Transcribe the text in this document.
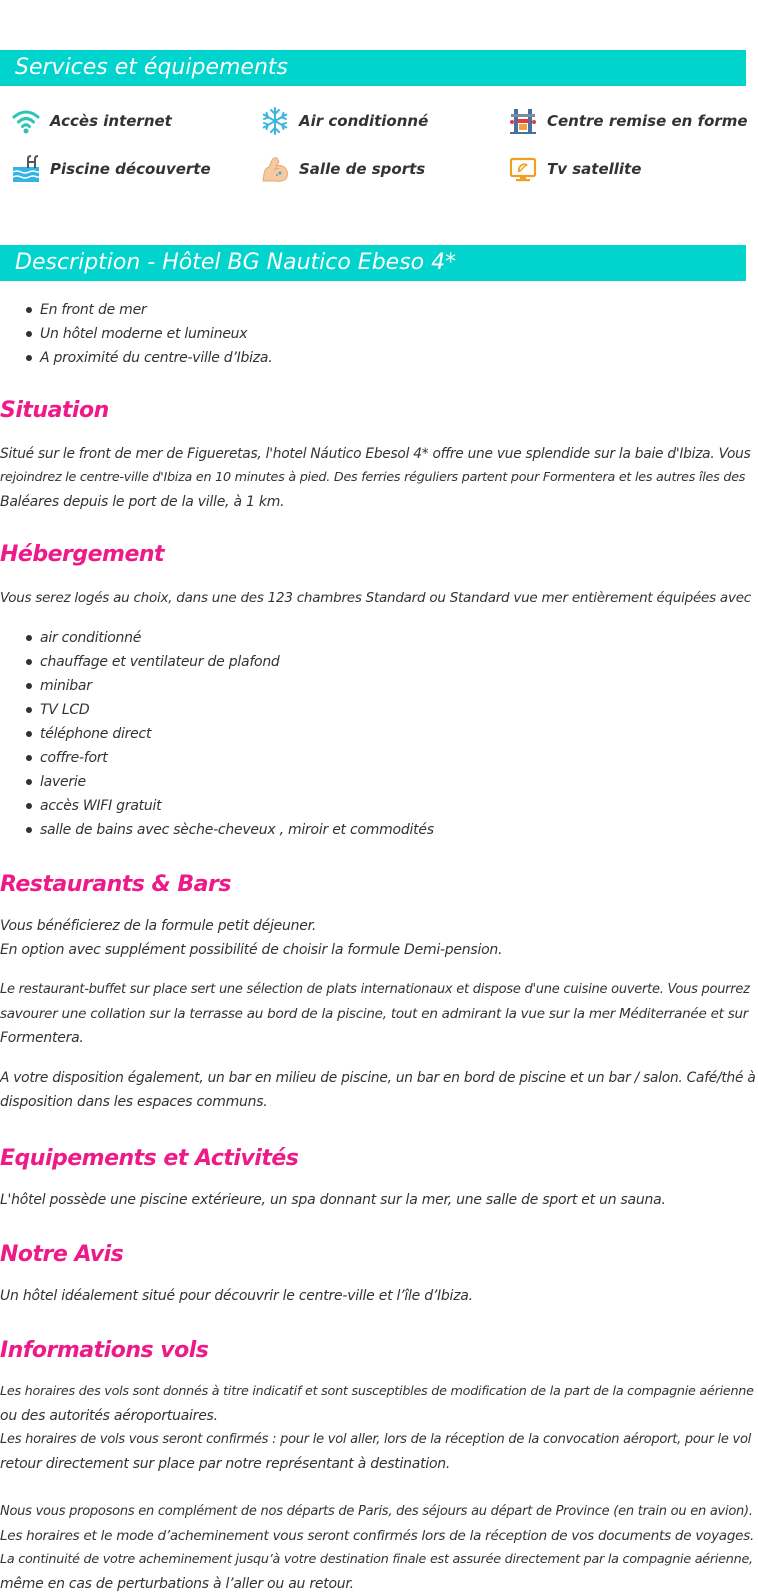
Services et équipements
Accès internet	Air conditionné	Centre remise en forme
Piscine découverte	Salle de sports	Tv satellite
Description - Hôtel BG Nautico Ebeso 4*
En front de mer
Un hôtel moderne et lumineux
A proximité du centre-ville d’Ibiza.
Situation
Situé sur le front de mer de Figueretas, l'hotel Náutico Ebesol 4* offre une vue splendide sur la baie d'Ibiza. Vous
rejoindrez le centre-ville d'Ibiza en 10 minutes à pied. Des ferries réguliers partent pour Formentera et les autres îles des
Baléares depuis le port de la ville, à 1 km.
Hébergement
Vous serez logés au choix, dans une des 123 chambres Standard ou Standard vue mer entièrement équipées avec
air conditionné
chauffage et ventilateur de plafond
minibar
TV LCD
téléphone direct
coffre-fort
laverie
accès WIFI gratuit
salle de bains avec sèche-cheveux , miroir et commodités
Restaurants & Bars
Vous bénéficierez de la formule petit déjeuner.
En option avec supplément possibilité de choisir la formule Demi-pension.
Le restaurant-buffet sur place sert une sélection de plats internationaux et dispose d'une cuisine ouverte. Vous pourrez
savourer une collation sur la terrasse au bord de la piscine, tout en admirant la vue sur la mer Méditerranée et sur
Formentera.
A votre disposition également, un bar en milieu de piscine, un bar en bord de piscine et un bar / salon. Café/thé à
disposition dans les espaces communs.
Equipements et Activités
L'hôtel possède une piscine extérieure, un spa donnant sur la mer, une salle de sport et un sauna.
Notre Avis
Un hôtel idéalement situé pour découvrir le centre-ville et l’île d’Ibiza.
Informations vols
Les horaires des vols sont donnés à titre indicatif et sont susceptibles de modification de la part de la compagnie aérienne
ou des autorités aéroportuaires.
Les horaires de vols vous seront confirmés : pour le vol aller, lors de la réception de la convocation aéroport, pour le vol
retour directement sur place par notre représentant à destination.
Nous vous proposons en complément de nos départs de Paris, des séjours au départ de Province (en train ou en avion).
Les horaires et le mode d’acheminement vous seront confirmés lors de la réception de vos documents de voyages.
La continuité de votre acheminement jusqu’à votre destination finale est assurée directement par la compagnie aérienne,
même en cas de perturbations à l’aller ou au retour.
